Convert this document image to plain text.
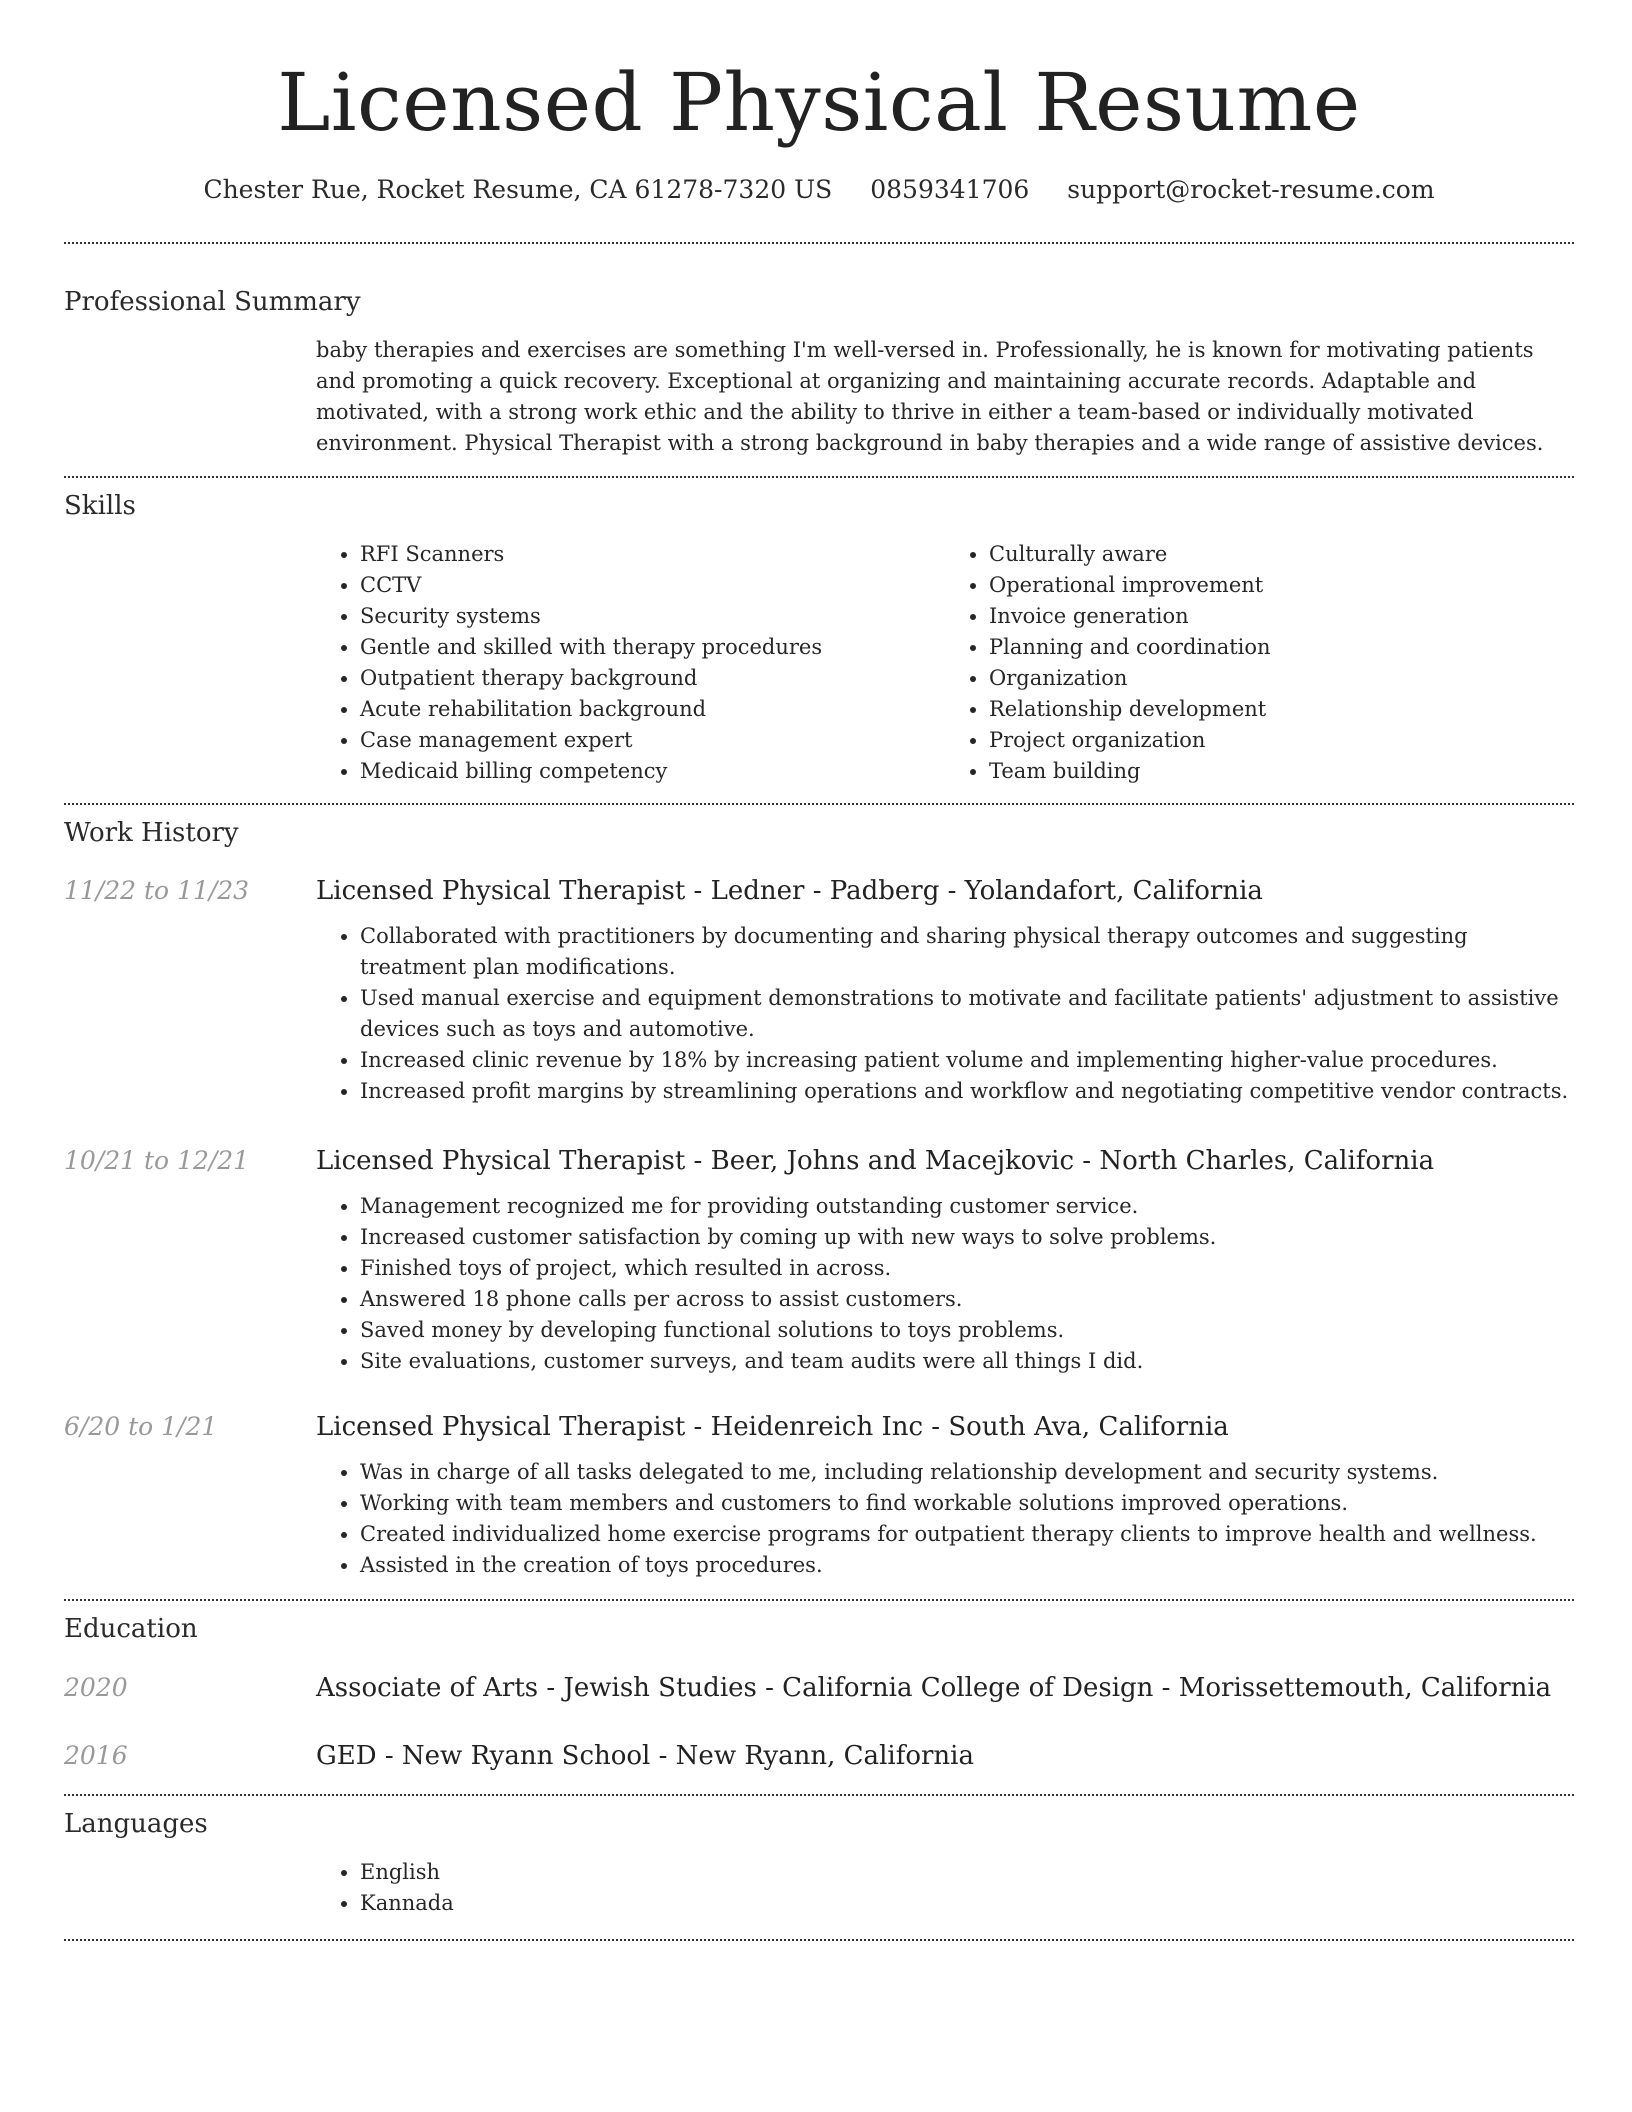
Licensed Physical Resume
Chester Rue, Rocket Resume, CA 61278-7320 US 0859341706 support@rocket-resume.com
Professional Summary
baby therapies and exercises are something I'm well-versed in. Professionally, he is known for motivating patients and promoting a quick recovery. Exceptional at organizing and maintaining accurate records. Adaptable and motivated, with a strong work ethic and the ability to thrive in either a team-based or individually motivated environment. Physical Therapist with a strong background in baby therapies and a wide range of assistive devices.
Skills
• RFI Scanners
• CCTV
• Security systems
• Gentle and skilled with therapy procedures
• Outpatient therapy background
• Acute rehabilitation background
• Case management expert
• Medicaid billing competency
• Culturally aware
• Operational improvement
• Invoice generation
• Planning and coordination
• Organization
• Relationship development
• Project organization
• Team building
Work History
11/22 to 11/23	Licensed Physical Therapist - Ledner - Padberg - Yolandafort, California
• Collaborated with practitioners by documenting and sharing physical therapy outcomes and suggesting treatment plan modifications.
• Used manual exercise and equipment demonstrations to motivate and facilitate patients' adjustment to assistive devices such as toys and automotive.
• Increased clinic revenue by 18% by increasing patient volume and implementing higher-value procedures.
• Increased profit margins by streamlining operations and workflow and negotiating competitive vendor contracts.
10/21 to 12/21	Licensed Physical Therapist - Beer, Johns and Macejkovic - North Charles, California
• Management recognized me for providing outstanding customer service.
• Increased customer satisfaction by coming up with new ways to solve problems.
• Finished toys of project, which resulted in across.
• Answered 18 phone calls per across to assist customers.
• Saved money by developing functional solutions to toys problems.
• Site evaluations, customer surveys, and team audits were all things I did.
6/20 to 1/21	Licensed Physical Therapist - Heidenreich Inc - South Ava, California
• Was in charge of all tasks delegated to me, including relationship development and security systems.
• Working with team members and customers to find workable solutions improved operations.
• Created individualized home exercise programs for outpatient therapy clients to improve health and wellness.
• Assisted in the creation of toys procedures.
Education
2020	Associate of Arts - Jewish Studies - California College of Design - Morissettemouth, California
2016	GED - New Ryann School - New Ryann, California
Languages
• English
• Kannada
